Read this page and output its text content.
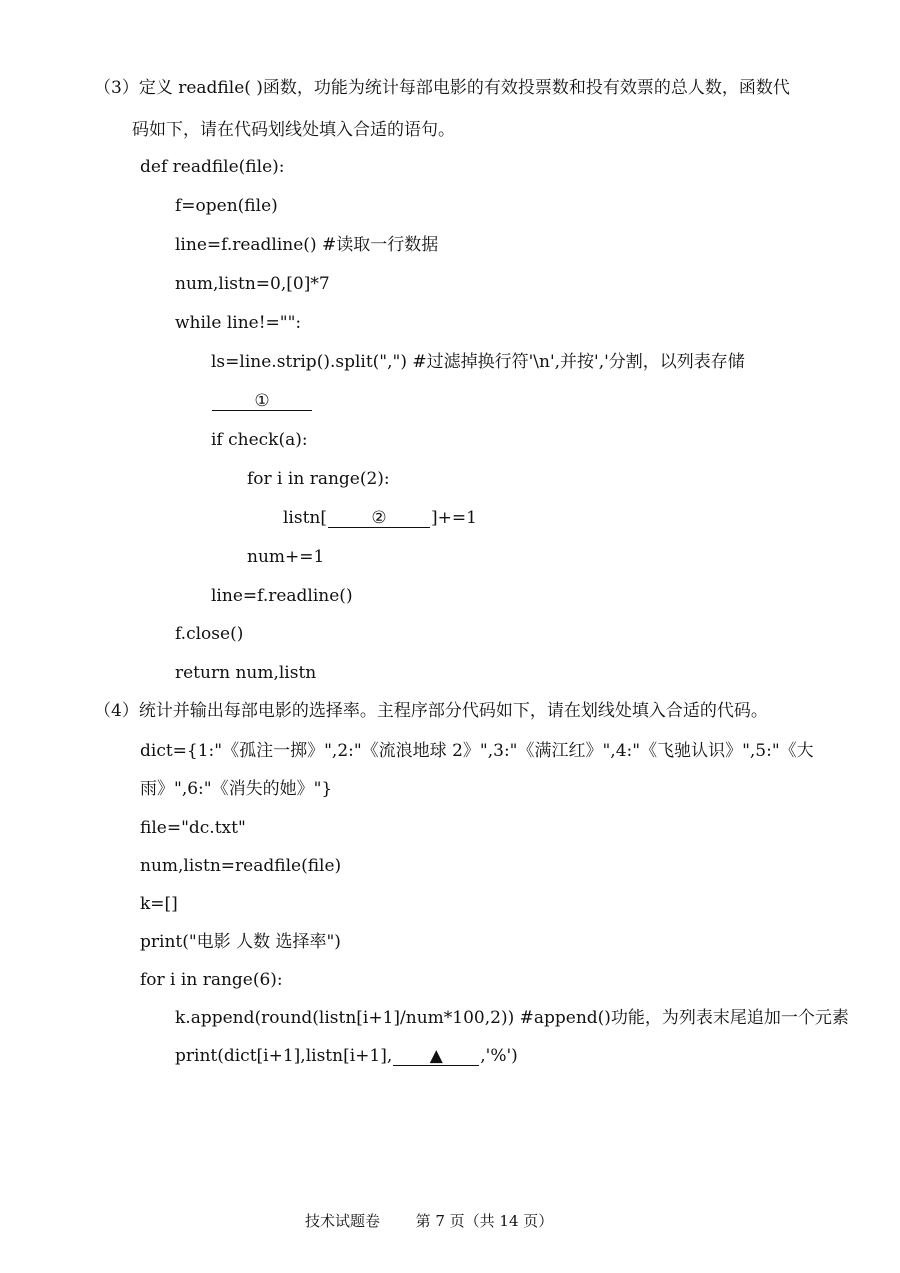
（3）定义 readfile( )函数，功能为统计每部电影的有效投票数和投有效票的总人数，函数代
码如下，请在代码划线处填入合适的语句。
def readfile(file):
f=open(file)
line=f.readline() #读取一行数据
num,listn=0,[0]*7
while line!="":
ls=line.strip().split(",") #过滤掉换行符'\n',并按','分割，以列表存储
①
if check(a):
for i in range(2):
listn[	②	]+=1
num+=1
line=f.readline()
f.close()
return num,listn
（4）统计并输出每部电影的选择率。主程序部分代码如下，请在划线处填入合适的代码。
dict={1:"《孤注一掷》",2:"《流浪地球 2》",3:"《满江红》",4:"《飞驰认识》",5:"《大
雨》",6:"《消失的她》"}
file="dc.txt"
num,listn=readfile(file)
k=[]
print("电影 人数 选择率")
for i in range(6):
k.append(round(listn[i+1]/num*100,2)) #append()功能，为列表末尾追加一个元素
print(dict[i+1],listn[i+1], ▲ ,'%')
技术试题卷 第 7 页（共 14 页）
